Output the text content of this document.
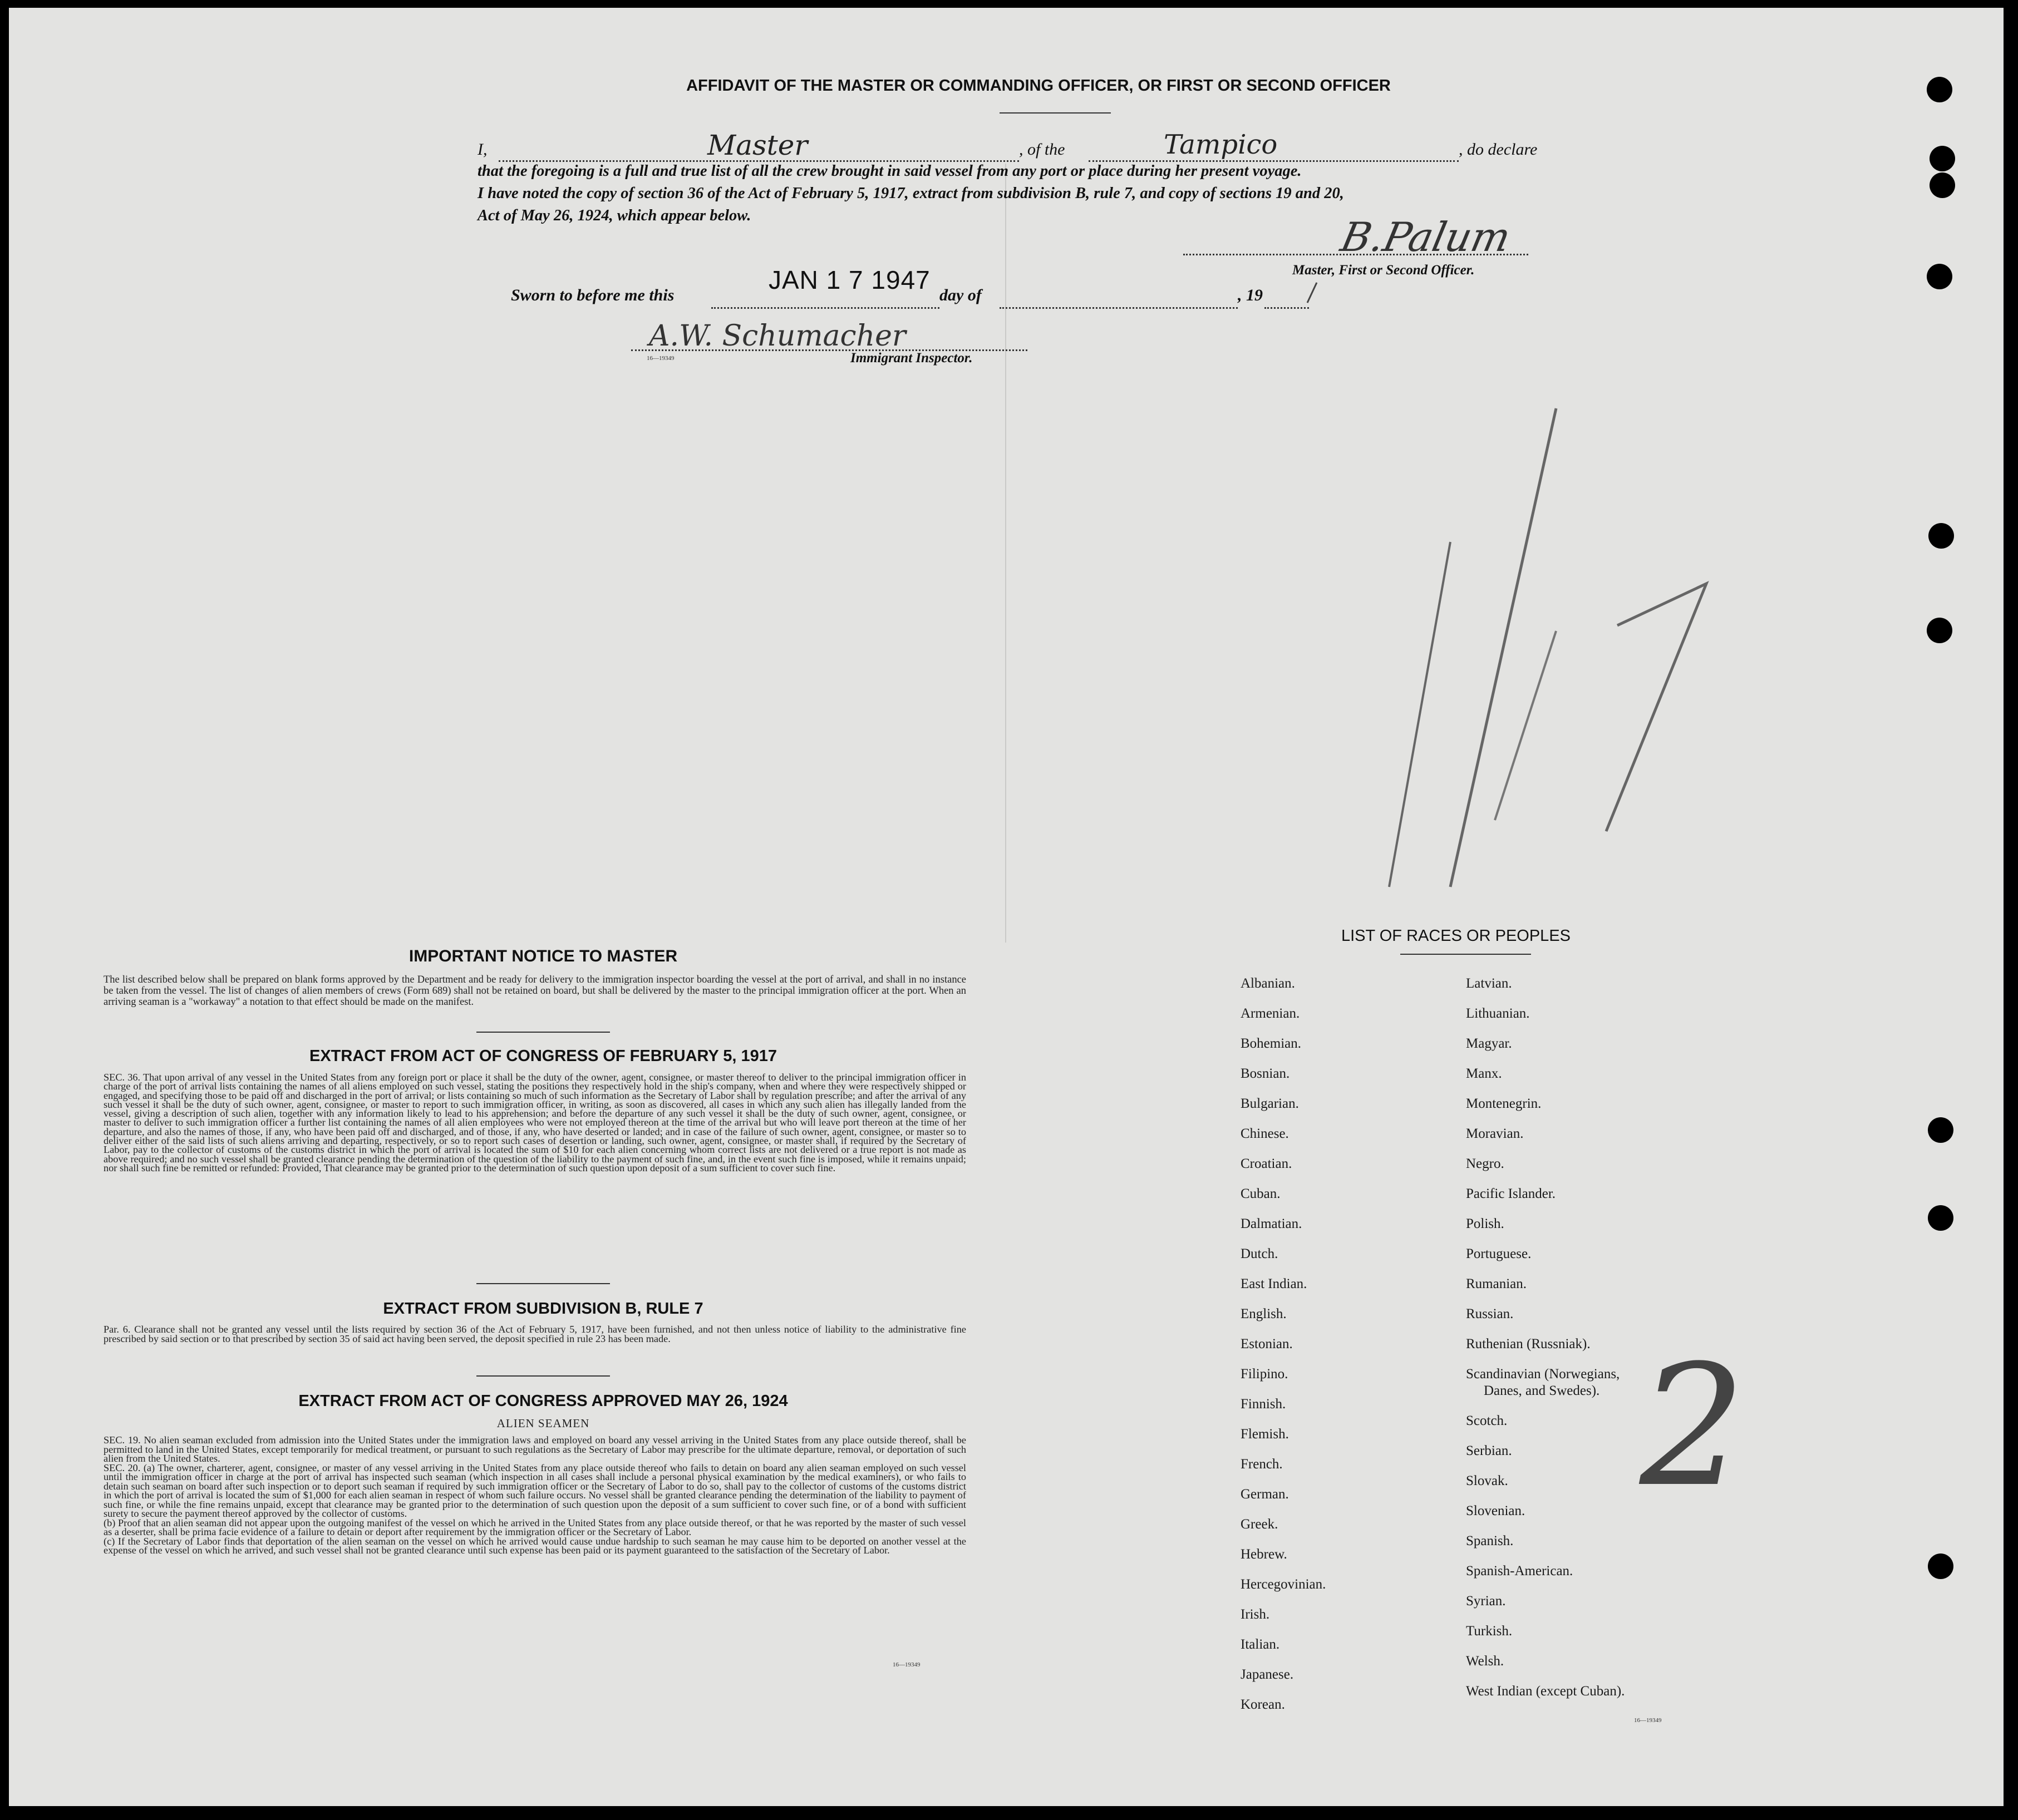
AFFIDAVIT OF THE MASTER OR COMMANDING OFFICER, OR FIRST OR SECOND OFFICER
I,	Master	, of the	Tampico	, do declare
that the foregoing is a full and true list of all the crew brought in said vessel from any port or place during her present voyage.
I have noted the copy of section 36 of the Act of February 5, 1917, extract from subdivision B, rule 7, and copy of sections 19 and 20,
Act of May 26, 1924, which appear below.	B.Palum
Master, First or Second Officer.
Sworn to before me this
JAN 1 7 1947
day of	, 19
A.W. Schumacher
16—19349	Immigrant Inspector.
2
IMPORTANT NOTICE TO MASTER
The list described below shall be prepared on blank forms approved by the Department and be ready for delivery to the immigration inspector boarding the vessel at the port of arrival, and shall in no instance be taken from the vessel. The list of changes of alien members of crews (Form 689) shall not be retained on board, but shall be delivered by the master to the principal immigration officer at the port. When an arriving seaman is a "workaway" a notation to that effect should be made on the manifest.
EXTRACT FROM ACT OF CONGRESS OF FEBRUARY 5, 1917
SEC. 36. That upon arrival of any vessel in the United States from any foreign port or place it shall be the duty of the owner, agent, consignee, or master thereof to deliver to the principal immigration officer in charge of the port of arrival lists containing the names of all aliens employed on such vessel, stating the positions they respectively hold in the ship's company, when and where they were respectively shipped or engaged, and specifying those to be paid off and discharged in the port of arrival; or lists containing so much of such information as the Secretary of Labor shall by regulation prescribe; and after the arrival of any such vessel it shall be the duty of such owner, agent, consignee, or master to report to such immigration officer, in writing, as soon as discovered, all cases in which any such alien has illegally landed from the vessel, giving a description of such alien, together with any information likely to lead to his apprehension; and before the departure of any such vessel it shall be the duty of such owner, agent, consignee, or master to deliver to such immigration officer a further list containing the names of all alien employees who were not employed thereon at the time of the arrival but who will leave port thereon at the time of her departure, and also the names of those, if any, who have been paid off and discharged, and of those, if any, who have deserted or landed; and in case of the failure of such owner, agent, consignee, or master so to deliver either of the said lists of such aliens arriving and departing, respectively, or so to report such cases of desertion or landing, such owner, agent, consignee, or master shall, if required by the Secretary of Labor, pay to the collector of customs of the customs district in which the port of arrival is located the sum of $10 for each alien concerning whom correct lists are not delivered or a true report is not made as above required; and no such vessel shall be granted clearance pending the determination of the question of the liability to the payment of such fine, and, in the event such fine is imposed, while it remains unpaid; nor shall such fine be remitted or refunded: Provided, That clearance may be granted prior to the determination of such question upon deposit of a sum sufficient to cover such fine.
EXTRACT FROM SUBDIVISION B, RULE 7
Par. 6. Clearance shall not be granted any vessel until the lists required by section 36 of the Act of February 5, 1917, have been furnished, and not then unless notice of liability to the administrative fine prescribed by said section or to that prescribed by section 35 of said act having been served, the deposit specified in rule 23 has been made.
EXTRACT FROM ACT OF CONGRESS APPROVED MAY 26, 1924
ALIEN SEAMEN
SEC. 19. No alien seaman excluded from admission into the United States under the immigration laws and employed on board any vessel arriving in the United States from any place outside thereof, shall be permitted to land in the United States, except temporarily for medical treatment, or pursuant to such regulations as the Secretary of Labor may prescribe for the ultimate departure, removal, or deportation of such alien from the United States.
SEC. 20. (a) The owner, charterer, agent, consignee, or master of any vessel arriving in the United States from any place outside thereof who fails to detain on board any alien seaman employed on such vessel until the immigration officer in charge at the port of arrival has inspected such seaman (which inspection in all cases shall include a personal physical examination by the medical examiners), or who fails to detain such seaman on board after such inspection or to deport such seaman if required by such immigration officer or the Secretary of Labor to do so, shall pay to the collector of customs of the customs district in which the port of arrival is located the sum of $1,000 for each alien seaman in respect of whom such failure occurs. No vessel shall be granted clearance pending the determination of the liability to payment of such fine, or while the fine remains unpaid, except that clearance may be granted prior to the determination of such question upon the deposit of a sum sufficient to cover such fine, or of a bond with sufficient surety to secure the payment thereof approved by the collector of customs.
(b) Proof that an alien seaman did not appear upon the outgoing manifest of the vessel on which he arrived in the United States from any place outside thereof, or that he was reported by the master of such vessel as a deserter, shall be prima facie evidence of a failure to detain or deport after requirement by the immigration officer or the Secretary of Labor.
(c) If the Secretary of Labor finds that deportation of the alien seaman on the vessel on which he arrived would cause undue hardship to such seaman he may cause him to be deported on another vessel at the expense of the vessel on which he arrived, and such vessel shall not be granted clearance until such expense has been paid or its payment guaranteed to the satisfaction of the Secretary of Labor.
16—19349
LIST OF RACES OR PEOPLES
Albanian.
Armenian.
Bohemian.
Bosnian.
Bulgarian.
Chinese.
Croatian.
Cuban.
Dalmatian.
Dutch.
East Indian.
English.
Estonian.
Filipino.
Finnish.
Flemish.
French.
German.
Greek.
Hebrew.
Hercegovinian.
Irish.
Italian.
Japanese.
Korean.
Latvian.
Lithuanian.
Magyar.
Manx.
Montenegrin.
Moravian.
Negro.
Pacific Islander.
Polish.
Portuguese.
Rumanian.
Russian.
Ruthenian (Russniak).
Scandinavian (Norwegians,
Danes, and Swedes).
Scotch.
Serbian.
Slovak.
Slovenian.
Spanish.
Spanish-American.
Syrian.
Turkish.
Welsh.
West Indian (except Cuban).
16—19349
